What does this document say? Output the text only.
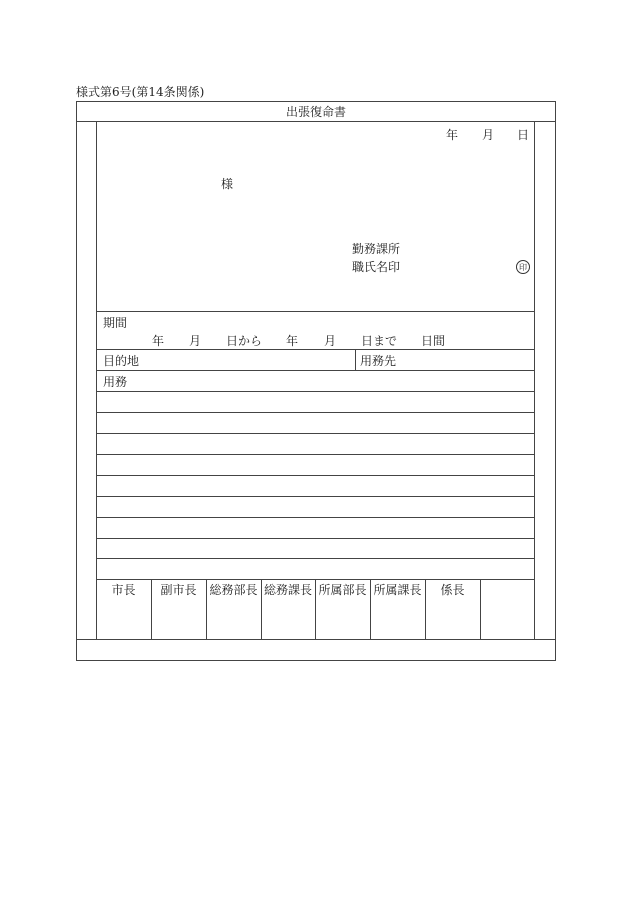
様式第6号(第14条関係)
出張復命書
年 月 日
様
勤務課所
職氏名印	印
期間
年 月 日から 年 月 日まで 日間
目的地	用務先
用務
市長	副市長	総務部長 総務課長 所属部長 所属課長	係長
